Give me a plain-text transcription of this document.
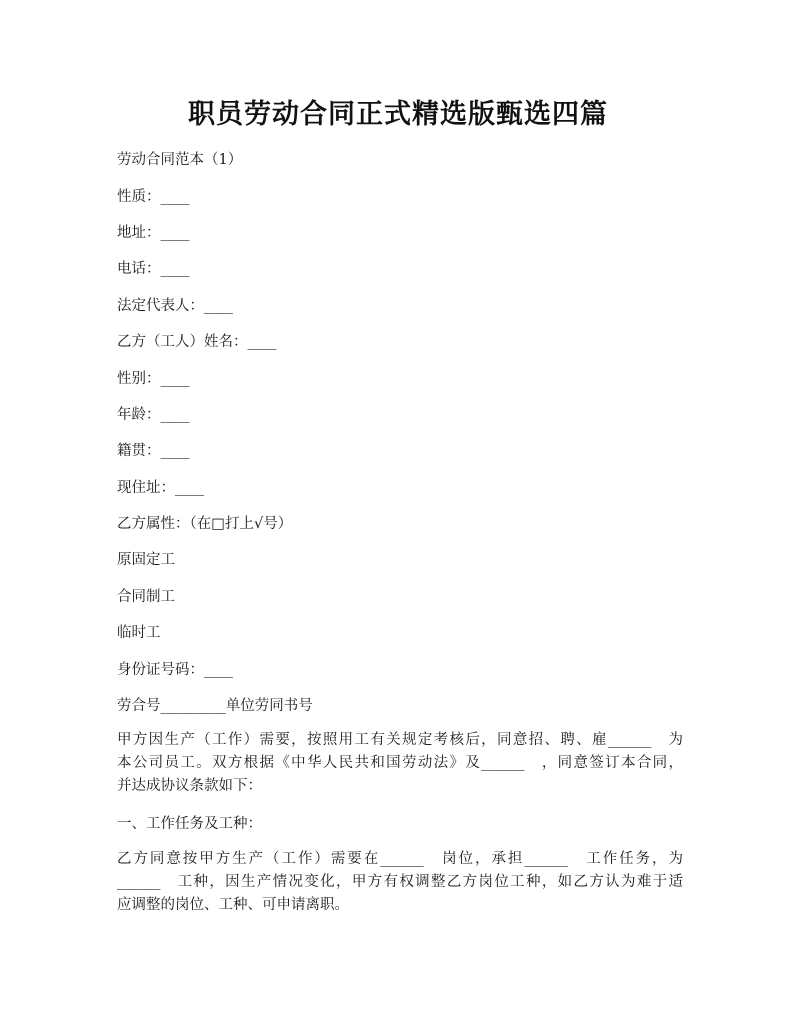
职员劳动合同正式精选版甄选四篇
劳动合同范本（1）
性质：____
地址：____
电话：____
法定代表人：____
乙方（工人）姓名：____
性别：____
年龄：____
籍贯：____
现住址：____
乙方属性：（在□打上√号）
原固定工
合同制工
临时工
身份证号码：____
劳合号_________单位劳同书号
甲方因生产（工作）需要，按照用工有关规定考核后，同意招、聘、雇______　为
本公司员工。双方根据《中华人民共和国劳动法》及______　，同意签订本合同，
并达成协议条款如下：
一、工作任务及工种：
乙方同意按甲方生产（工作）需要在______　岗位，承担______　工作任务，为
______　工种，因生产情况变化，甲方有权调整乙方岗位工种，如乙方认为难于适
应调整的岗位、工种、可申请离职。
